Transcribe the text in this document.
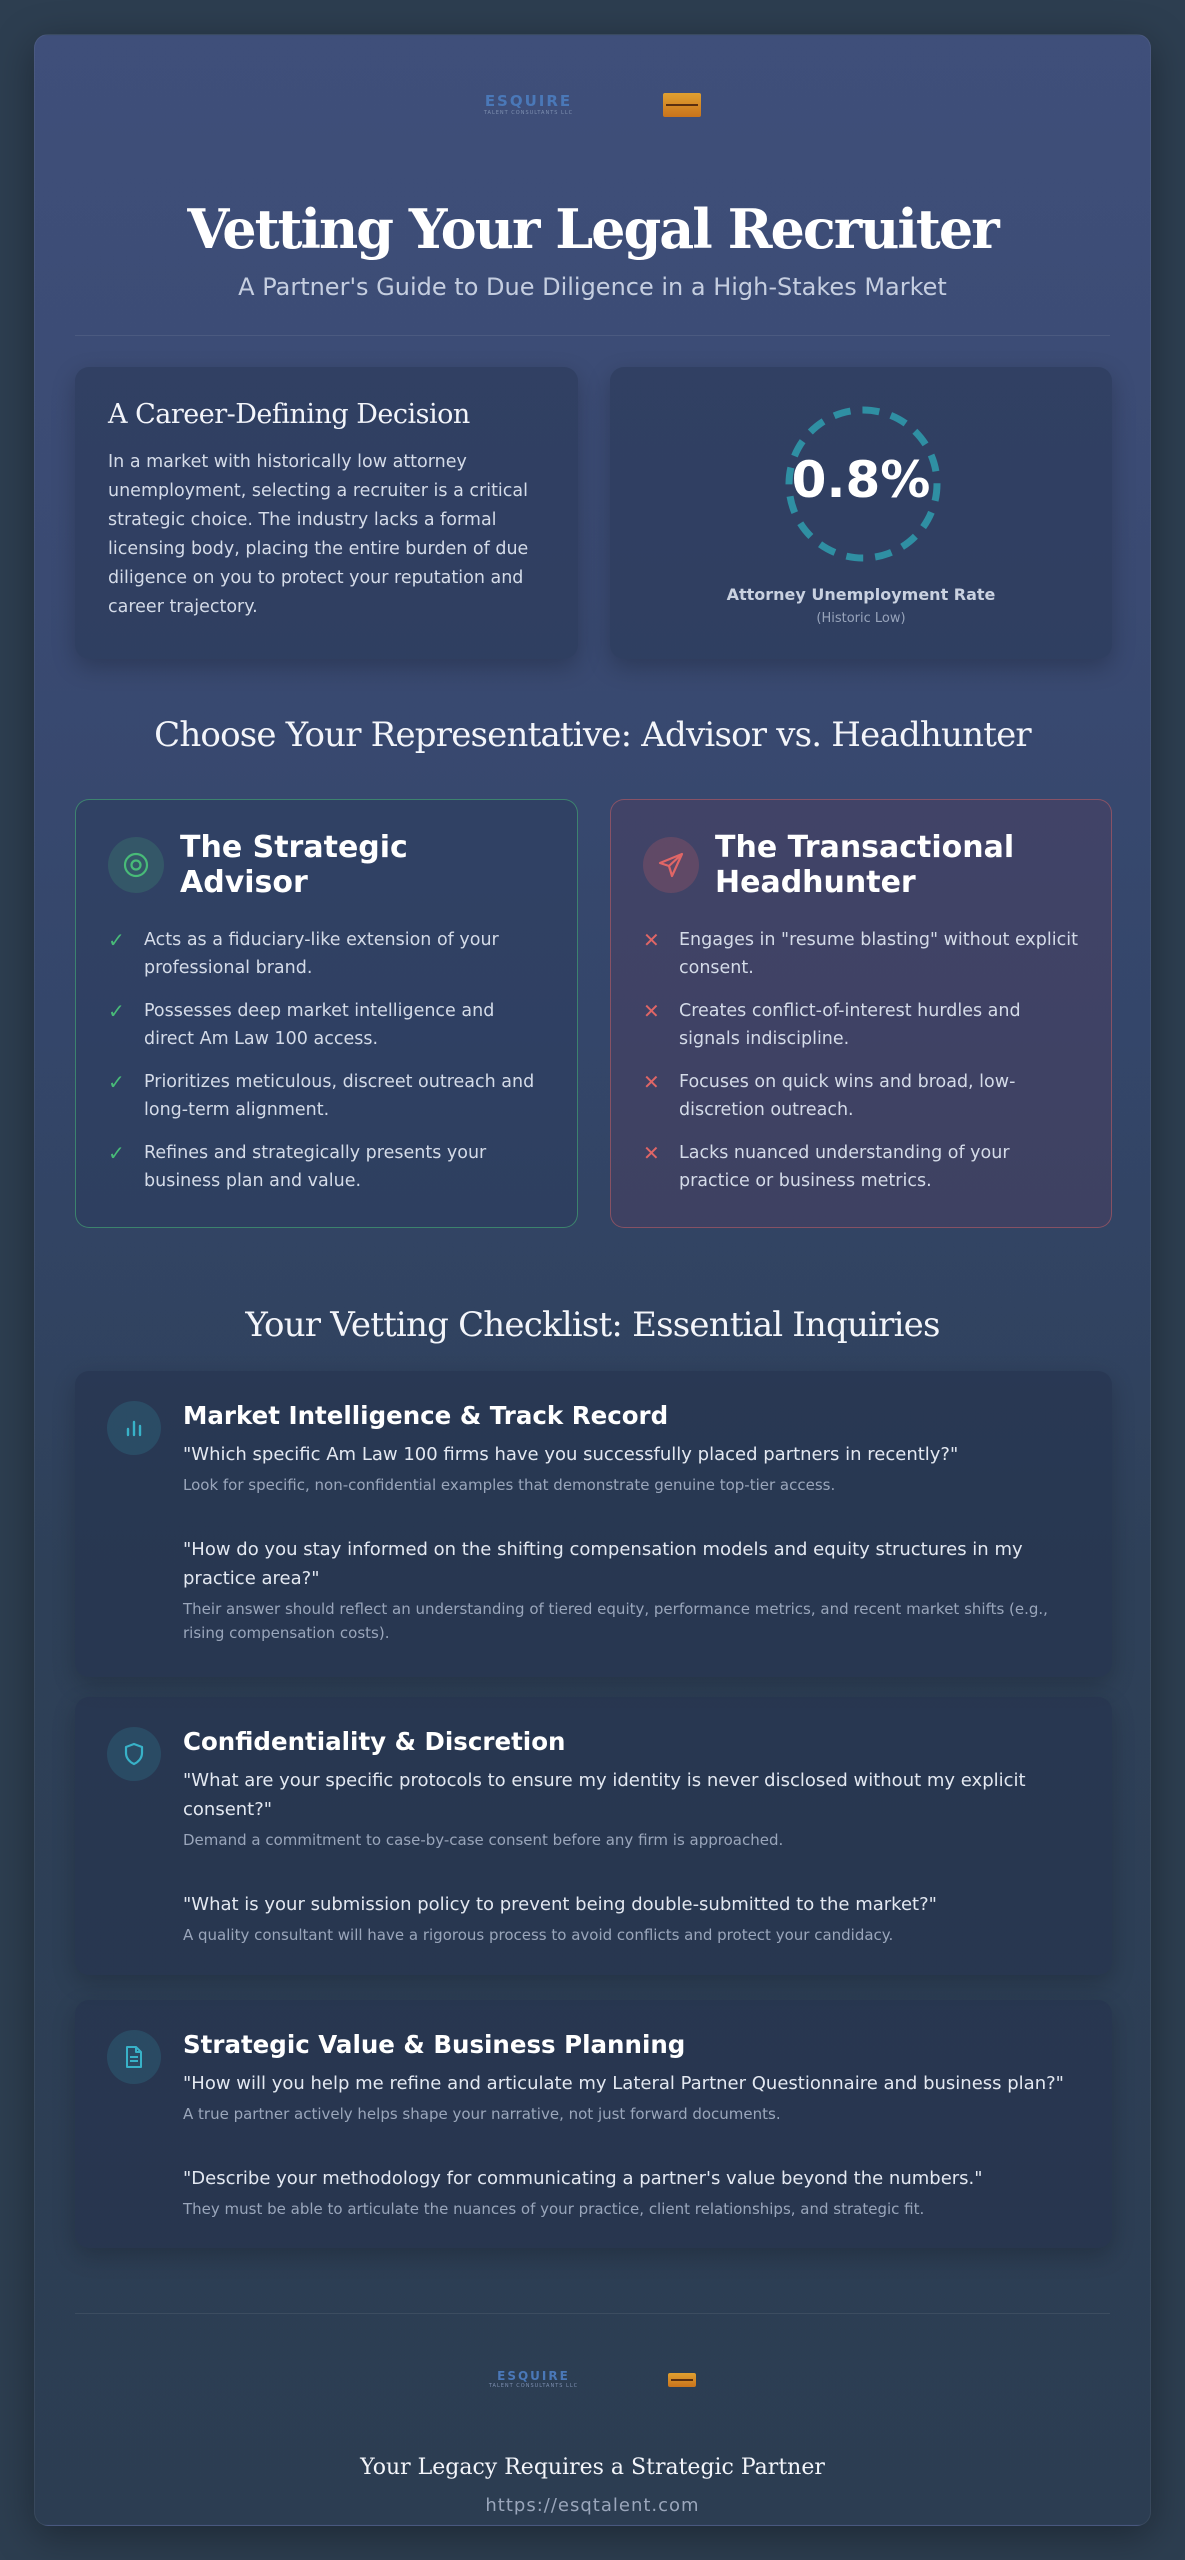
ESQUIRE
TALENT CONSULTANTS LLC
Vetting Your Legal Recruiter
A Partner's Guide to Due Diligence in a High-Stakes Market
A Career-Defining Decision

In a market with historically low attorney unemployment, selecting a recruiter is a critical strategic choice. The industry lacks a formal licensing body, placing the entire burden of due diligence on you to protect your reputation and career trajectory.

0.8%
Attorney Unemployment Rate
(Historic Low)
Choose Your Representative: Advisor vs. Headhunter
The Strategic Advisor
✓ Acts as a fiduciary-like extension of your professional brand.
✓ Possesses deep market intelligence and direct Am Law 100 access.
✓ Prioritizes meticulous, discreet outreach and long-term alignment.
✓ Refines and strategically presents your business plan and value.
The Transactional Headhunter
✕ Engages in "resume blasting" without explicit consent.
✕ Creates conflict-of-interest hurdles and signals indiscipline.
✕ Focuses on quick wins and broad, low-discretion outreach.
✕ Lacks nuanced understanding of your practice or business metrics.
Your Vetting Checklist: Essential Inquiries
Market Intelligence & Track Record
"Which specific Am Law 100 firms have you successfully placed partners in recently?"
Look for specific, non-confidential examples that demonstrate genuine top-tier access.
"How do you stay informed on the shifting compensation models and equity structures in my practice area?"
Their answer should reflect an understanding of tiered equity, performance metrics, and recent market shifts (e.g., rising compensation costs).
Confidentiality & Discretion
"What are your specific protocols to ensure my identity is never disclosed without my explicit consent?"
Demand a commitment to case-by-case consent before any firm is approached.
"What is your submission policy to prevent being double-submitted to the market?"
A quality consultant will have a rigorous process to avoid conflicts and protect your candidacy.
Strategic Value & Business Planning
"How will you help me refine and articulate my Lateral Partner Questionnaire and business plan?"
A true partner actively helps shape your narrative, not just forward documents.
"Describe your methodology for communicating a partner's value beyond the numbers."
They must be able to articulate the nuances of your practice, client relationships, and strategic fit.
ESQUIRE
TALENT CONSULTANTS LLC
Your Legacy Requires a Strategic Partner
https://esqtalent.com
